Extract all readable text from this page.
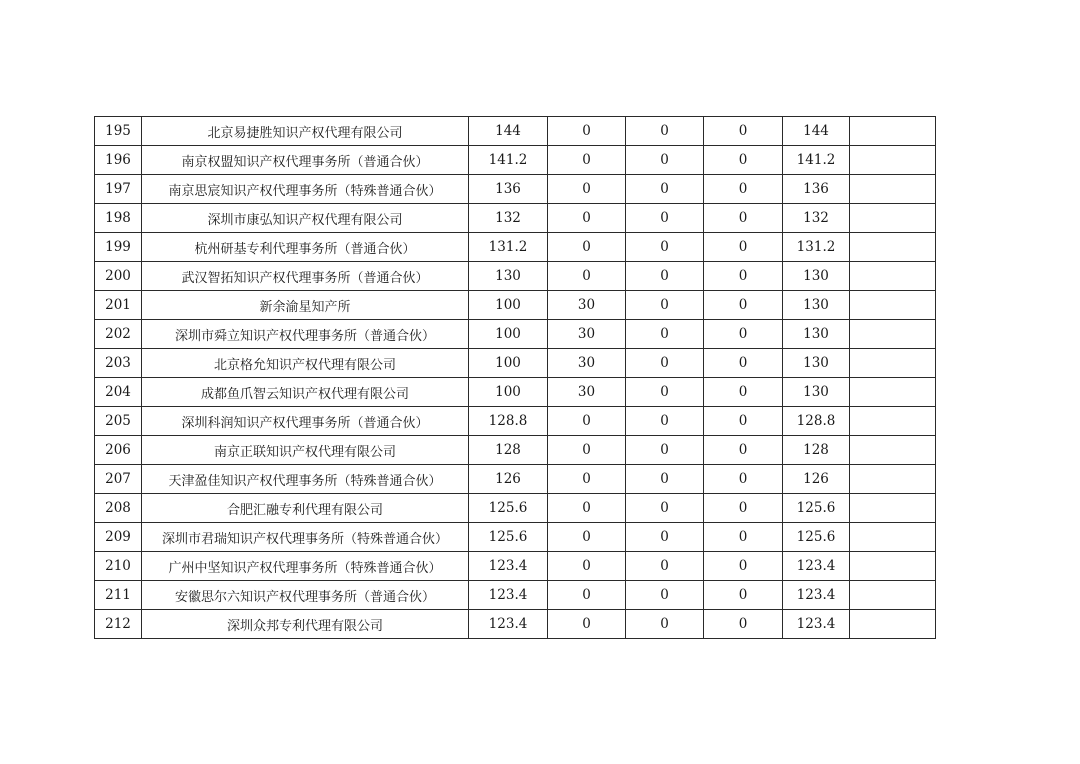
195	北京易捷胜知识产权代理有限公司	144	0	0	0	144	
196	南京权盟知识产权代理事务所（普通合伙）	141.2	0	0	0	141.2	
197	南京思宸知识产权代理事务所（特殊普通合伙）	136	0	0	0	136	
198	深圳市康弘知识产权代理有限公司	132	0	0	0	132	
199	杭州研基专利代理事务所（普通合伙）	131.2	0	0	0	131.2	
200	武汉智拓知识产权代理事务所（普通合伙）	130	0	0	0	130	
201	新余渝星知产所	100	30	0	0	130	
202	深圳市舜立知识产权代理事务所（普通合伙）	100	30	0	0	130	
203	北京格允知识产权代理有限公司	100	30	0	0	130	
204	成都鱼爪智云知识产权代理有限公司	100	30	0	0	130	
205	深圳科润知识产权代理事务所（普通合伙）	128.8	0	0	0	128.8	
206	南京正联知识产权代理有限公司	128	0	0	0	128	
207	天津盈佳知识产权代理事务所（特殊普通合伙）	126	0	0	0	126	
208	合肥汇融专利代理有限公司	125.6	0	0	0	125.6	
209	深圳市君瑞知识产权代理事务所（特殊普通合伙）	125.6	0	0	0	125.6	
210	广州中坚知识产权代理事务所（特殊普通合伙）	123.4	0	0	0	123.4	
211	安徽思尔六知识产权代理事务所（普通合伙）	123.4	0	0	0	123.4	
212	深圳众邦专利代理有限公司	123.4	0	0	0	123.4	
